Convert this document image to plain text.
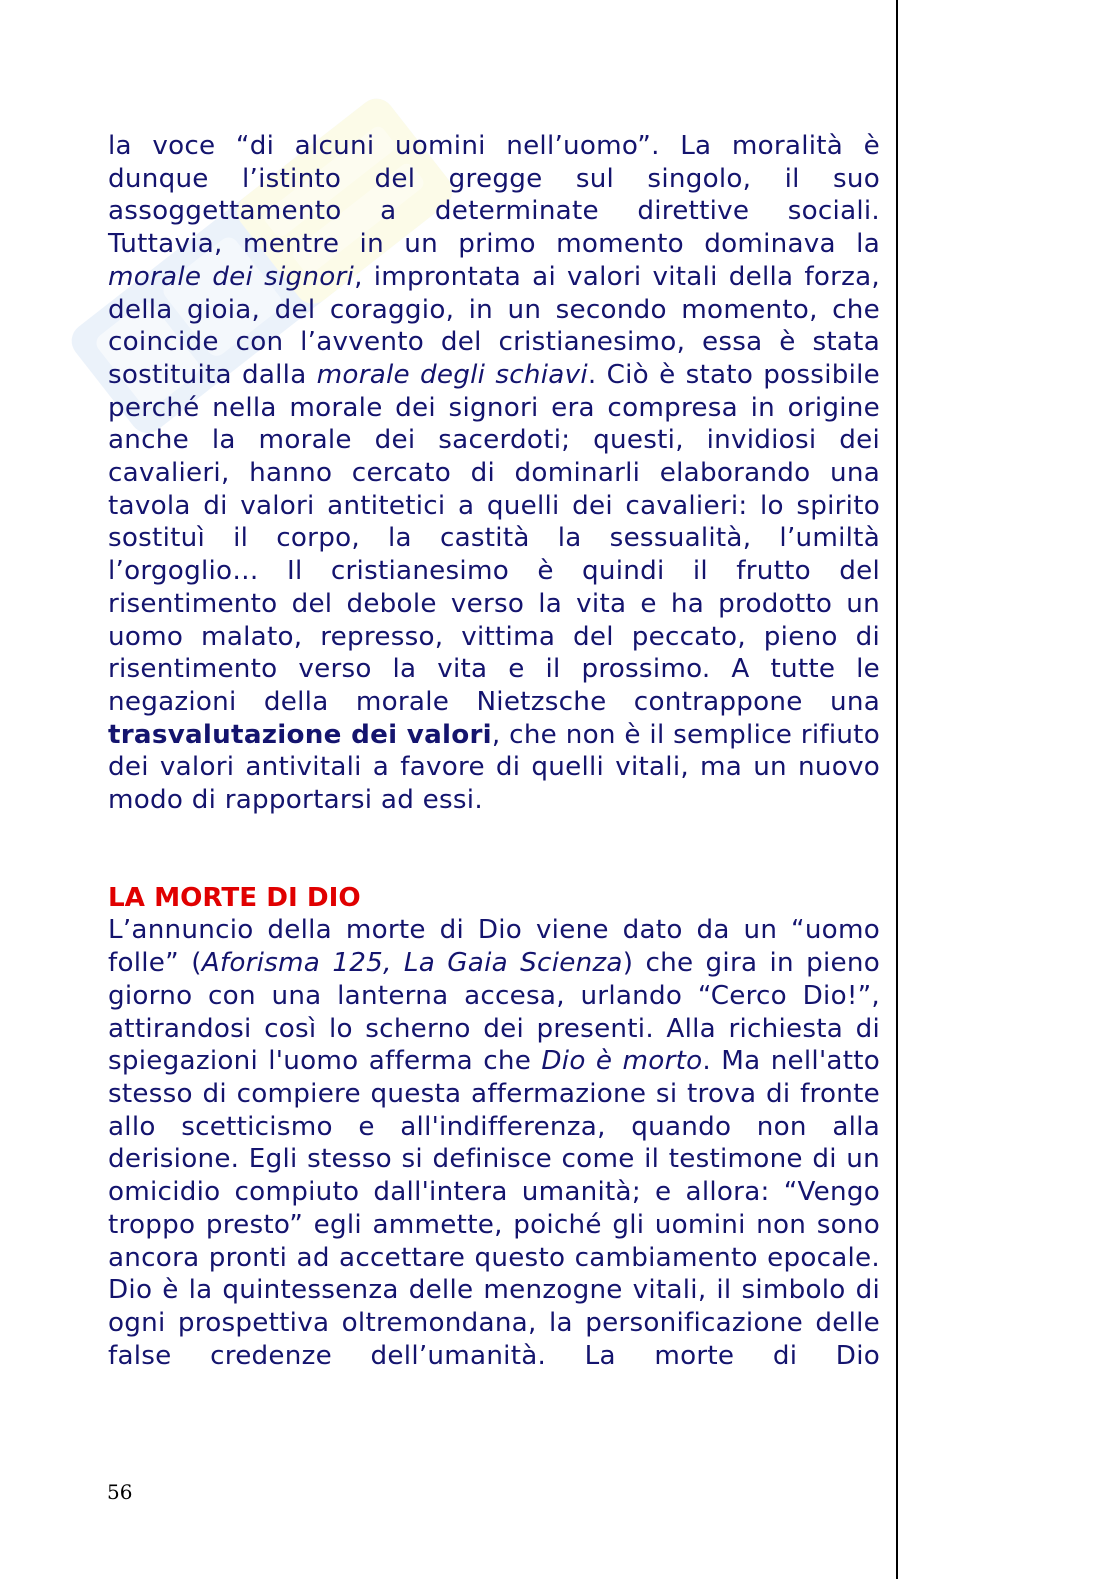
la voce “di alcuni uomini nell’uomo”. La moralità è dunque l’istinto del gregge sul singolo, il suo assoggettamento a determinate direttive sociali. Tuttavia, mentre in un primo momento dominava la morale dei signori, improntata ai valori vitali della forza, della gioia, del coraggio, in un secondo momento, che coincide con l’avvento del cristianesimo, essa è stata sostituita dalla morale degli schiavi. Ciò è stato possibile perché nella morale dei signori era compresa in origine anche la morale dei sacerdoti; questi, invidiosi dei cavalieri, hanno cercato di dominarli elaborando una tavola di valori antitetici a quelli dei cavalieri: lo spirito sostituì il corpo, la castità la sessualità, l’umiltà l’orgoglio… Il cristianesimo è quindi il frutto del risentimento del debole verso la vita e ha prodotto un uomo malato, represso, vittima del peccato, pieno di risentimento verso la vita e il prossimo. A tutte le negazioni della morale Nietzsche contrappone una trasvalutazione dei valori, che non è il semplice rifiuto dei valori antivitali a favore di quelli vitali, ma un nuovo modo di rapportarsi ad essi.

LA MORTE DI DIO

L’annuncio della morte di Dio viene dato da un “uomo folle” (Aforisma 125, La Gaia Scienza) che gira in pieno giorno con una lanterna accesa, urlando “Cerco Dio!”, attirandosi così lo scherno dei presenti. Alla richiesta di spiegazioni l'uomo afferma che Dio è morto. Ma nell'atto stesso di compiere questa affermazione si trova di fronte allo scetticismo e all'indifferenza, quando non alla derisione. Egli stesso si definisce come il testimone di un omicidio compiuto dall'intera umanità; e allora: “Vengo troppo presto” egli ammette, poiché gli uomini non sono ancora pronti ad accettare questo cambiamento epocale. Dio è la quintessenza delle menzogne vitali, il simbolo di ogni prospettiva oltremondana, la personificazione delle false credenze dell’umanità. La morte di Dio

56
